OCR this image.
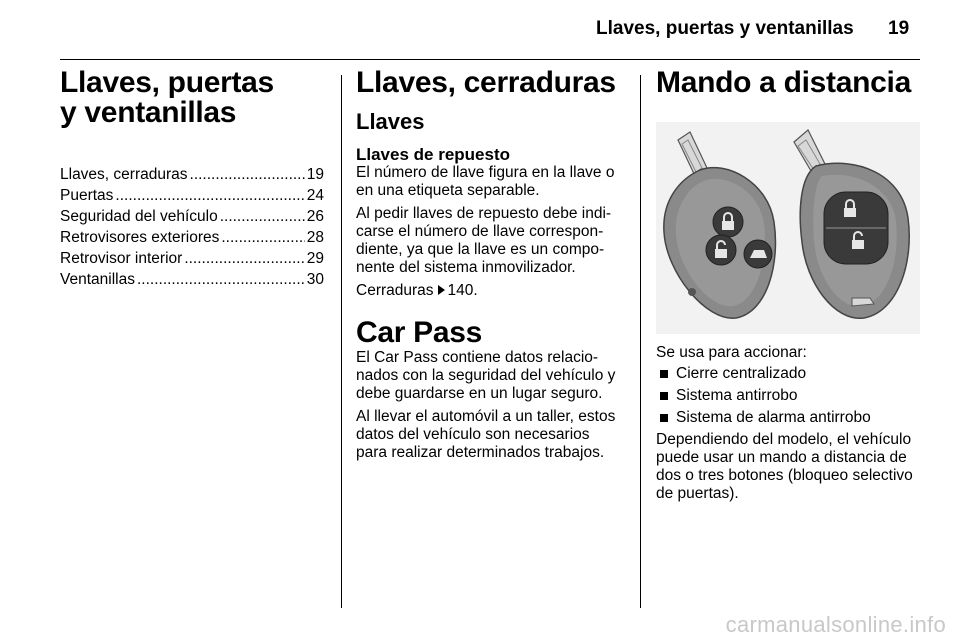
Llaves, puertas y ventanillas 19
Llaves, puertas
y ventanillas
Llaves, cerraduras .....	19
Puertas .....	24
Seguridad del vehículo .....	26
Retrovisores exteriores .....	28
Retrovisor interior .....	29
Ventanillas .....	30
Llaves, cerraduras
Llaves
Llaves de repuesto

El número de llave figura en la llave o en una etiqueta separable.

Al pedir llaves de repuesto debe indi- carse el número de llave correspon- diente, ya que la llave es un compo- nente del sistema inmovilizador.

Cerraduras 140.

Car Pass

El Car Pass contiene datos relacio- nados con la seguridad del vehículo y debe guardarse en un lugar seguro.

Al llevar el automóvil a un taller, estos datos del vehículo son necesarios para realizar determinados trabajos.

Mando a distancia

Se usa para accionar:

Cierre centralizado
Sistema antirrobo
Sistema de alarma antirrobo

Dependiendo del modelo, el vehículo puede usar un mando a distancia de dos o tres botones (bloqueo selectivo de puertas).

carmanualsonline.info
